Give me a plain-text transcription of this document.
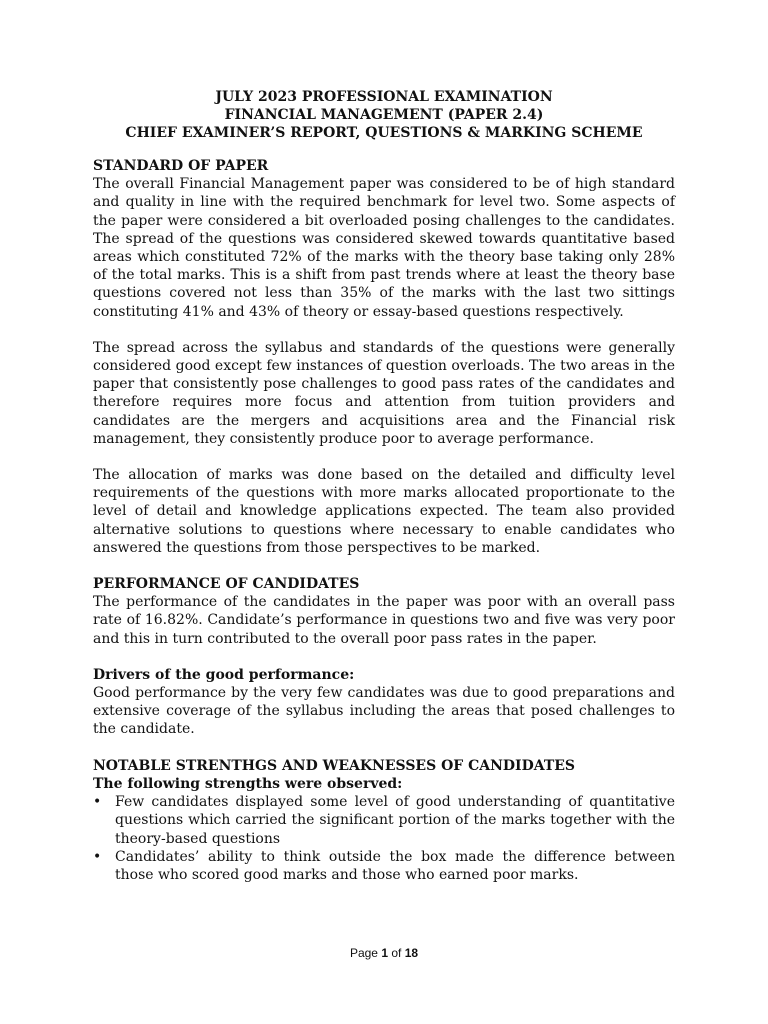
JULY 2023 PROFESSIONAL EXAMINATION
FINANCIAL MANAGEMENT (PAPER 2.4)
CHIEF EXAMINER’S REPORT, QUESTIONS & MARKING SCHEME
STANDARD OF PAPER

The overall Financial Management paper was considered to be of high standard and quality in line with the required benchmark for level two. Some aspects of the paper were considered a bit overloaded posing challenges to the candidates. The spread of the questions was considered skewed towards quantitative based areas which constituted 72% of the marks with the theory base taking only 28% of the total marks. This is a shift from past trends where at least the theory base questions covered not less than 35% of the marks with the last two sittings constituting 41% and 43% of theory or essay-based questions respectively.

The spread across the syllabus and standards of the questions were generally considered good except few instances of question overloads. The two areas in the paper that consistently pose challenges to good pass rates of the candidates and therefore requires more focus and attention from tuition providers and candidates are the mergers and acquisitions area and the Financial risk management, they consistently produce poor to average performance.

The allocation of marks was done based on the detailed and difficulty level requirements of the questions with more marks allocated proportionate to the level of detail and knowledge applications expected. The team also provided alternative solutions to questions where necessary to enable candidates who answered the questions from those perspectives to be marked.

PERFORMANCE OF CANDIDATES

The performance of the candidates in the paper was poor with an overall pass rate of 16.82%. Candidate’s performance in questions two and five was very poor and this in turn contributed to the overall poor pass rates in the paper.

Drivers of the good performance:

Good performance by the very few candidates was due to good preparations and extensive coverage of the syllabus including the areas that posed challenges to the candidate.

NOTABLE STRENTHGS AND WEAKNESSES OF CANDIDATES
The following strengths were observed:
• Few candidates displayed some level of good understanding of quantitative questions which carried the significant portion of the marks together with the theory-based questions
• Candidates’ ability to think outside the box made the difference between those who scored good marks and those who earned poor marks.
Page 1 of 18
